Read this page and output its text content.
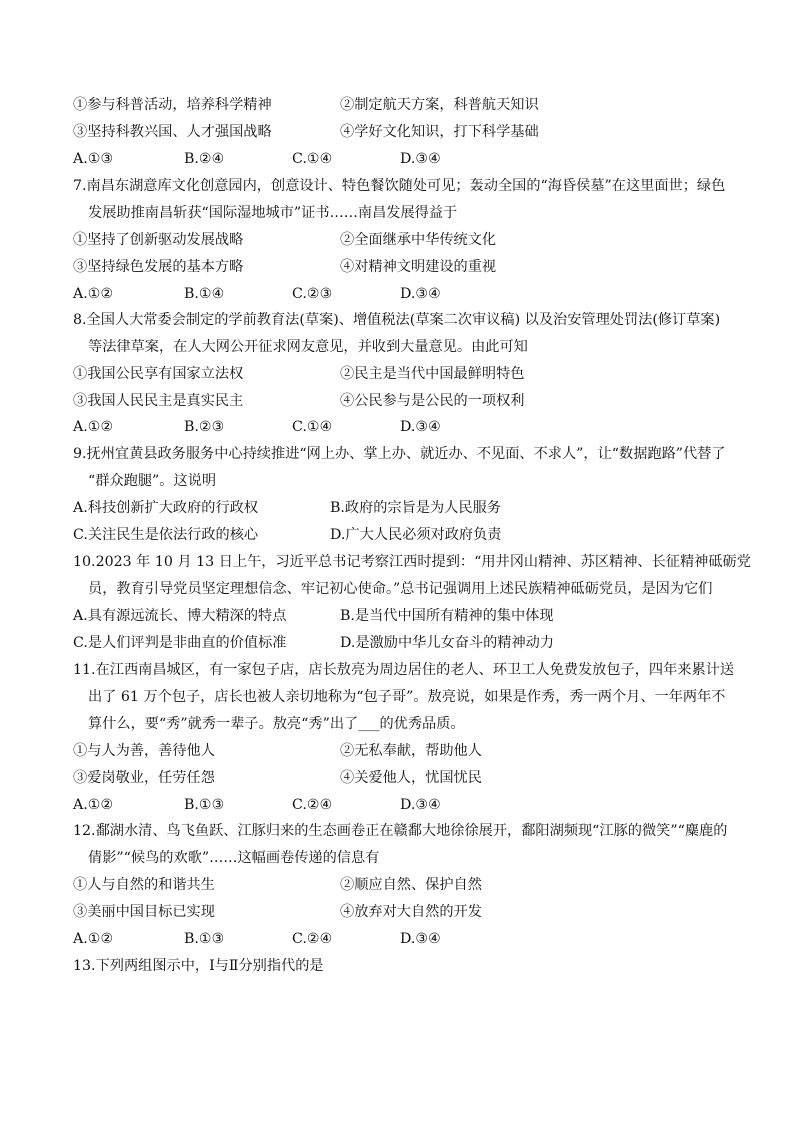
①参与科普活动，培养科学精神	②制定航天方案，科普航天知识
③坚持科教兴国、人才强国战略	④学好文化知识，打下科学基础
A.①③	B.②④	C.①④	D.③④
7.南昌东湖意库文化创意园内，创意设计、特色餐饮随处可见；轰动全国的“海昏侯墓”在这里面世；绿色
发展助推南昌斩获“国际湿地城市”证书……南昌发展得益于
①坚持了创新驱动发展战略	②全面继承中华传统文化
③坚持绿色发展的基本方略	④对精神文明建设的重视
A.①②	B.①④	C.②③	D.③④
8.全国人大常委会制定的学前教育法(草案)、增值税法(草案二次审议稿) 以及治安管理处罚法(修订草案)
等法律草案，在人大网公开征求网友意见，并收到大量意见。由此可知
①我国公民享有国家立法权	②民主是当代中国最鲜明特色
③我国人民民主是真实民主	④公民参与是公民的一项权利
A.①②	B.②③	C.①④	D.③④
9.抚州宜黄县政务服务中心持续推进“网上办、掌上办、就近办、不见面、不求人”，让“数据跑路”代替了
“群众跑腿”。这说明
A.科技创新扩大政府的行政权	B.政府的宗旨是为人民服务
C.关注民生是依法行政的核心	D.广大人民必须对政府负责
10.2023 年 10 月 13 日上午，习近平总书记考察江西时提到：“用井冈山精神、苏区精神、长征精神砥砺党
员，教育引导党员坚定理想信念、牢记初心使命。”总书记强调用上述民族精神砥砺党员，是因为它们
A.具有源远流长、博大精深的特点	B.是当代中国所有精神的集中体现
C.是人们评判是非曲直的价值标准	D.是激励中华儿女奋斗的精神动力
11.在江西南昌城区，有一家包子店，店长敖亮为周边居住的老人、环卫工人免费发放包子，四年来累计送
出了 61 万个包子，店长也被人亲切地称为“包子哥”。敖亮说，如果是作秀，秀一两个月、一年两年不
算什么，要“秀”就秀一辈子。敖亮“秀”出了___的优秀品质。
①与人为善，善待他人	②无私奉献，帮助他人
③爱岗敬业，任劳任怨	④关爱他人，忧国忧民
A.①②	B.①③	C.②④	D.③④
12.鄱湖水清、鸟飞鱼跃、江豚归来的生态画卷正在赣鄱大地徐徐展开，鄱阳湖频现“江豚的微笑”“麋鹿的
倩影”“候鸟的欢歌”……这幅画卷传递的信息有
①人与自然的和谐共生	②顺应自然、保护自然
③美丽中国目标已实现	④放弃对大自然的开发
A.①②	B.①③	C.②④	D.③④
13.下列两组图示中，Ⅰ与Ⅱ分别指代的是
